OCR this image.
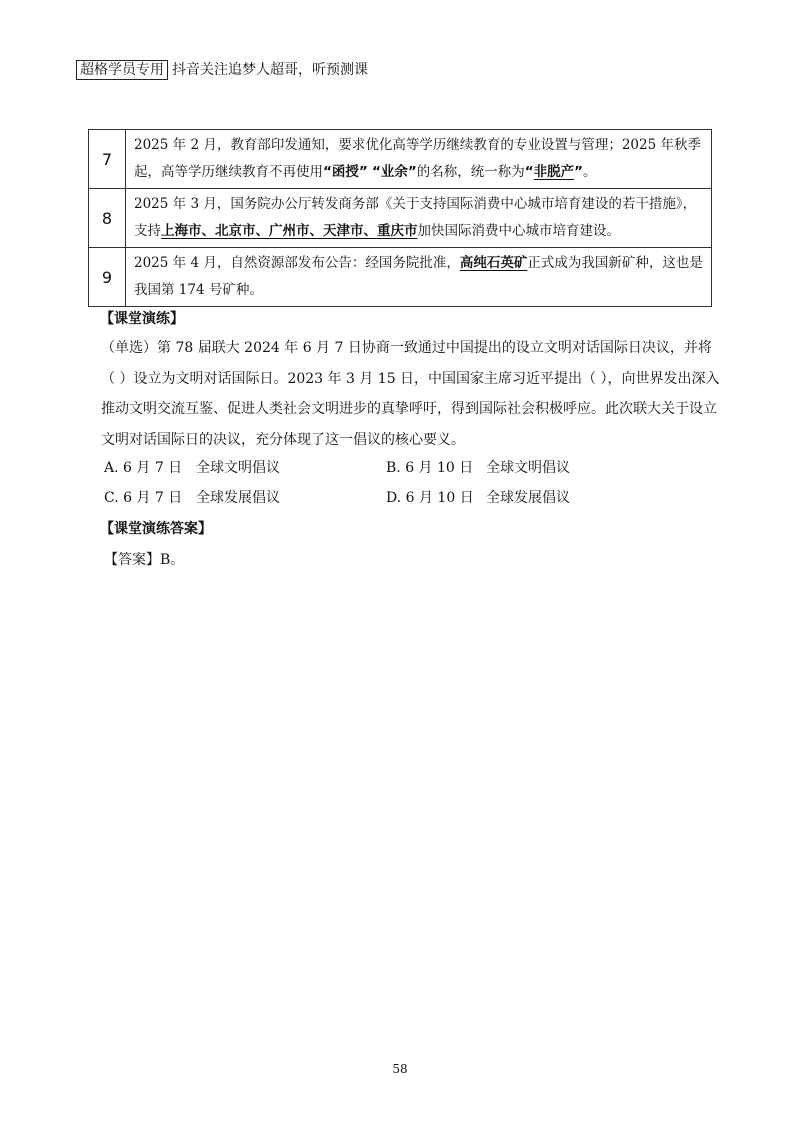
超格学员专用 抖音关注追梦人超哥，听预测课
7	2025 年 2 月，教育部印发通知，要求优化高等学历继续教育的专业设置与管理；2025 年秋季起，高等学历继续教育不再使用“函授” “业余”的名称，统一称为“非脱产”。
8	2025 年 3 月，国务院办公厅转发商务部《关于支持国际消费中心城市培育建设的若干措施》，支持上海市、北京市、广州市、天津市、重庆市加快国际消费中心城市培育建设。
9	2025 年 4 月，自然资源部发布公告：经国务院批准，高纯石英矿正式成为我国新矿种，这也是我国第 174 号矿种。
【课堂演练】
（单选）第 78 届联大 2024 年 6 月 7 日协商一致通过中国提出的设立文明对话国际日决议，并将（ ）设立为文明对话国际日。2023 年 3 月 15 日，中国国家主席习近平提出（ ），向世界发出深入推动文明交流互鉴、促进人类社会文明进步的真挚呼吁，得到国际社会积极呼应。此次联大关于设立文明对话国际日的决议，充分体现了这一倡议的核心要义。
A. 6 月 7 日 全球文明倡议	B. 6 月 10 日 全球文明倡议
C. 6 月 7 日 全球发展倡议	D. 6 月 10 日 全球发展倡议
【课堂演练答案】
【答案】B。
58
